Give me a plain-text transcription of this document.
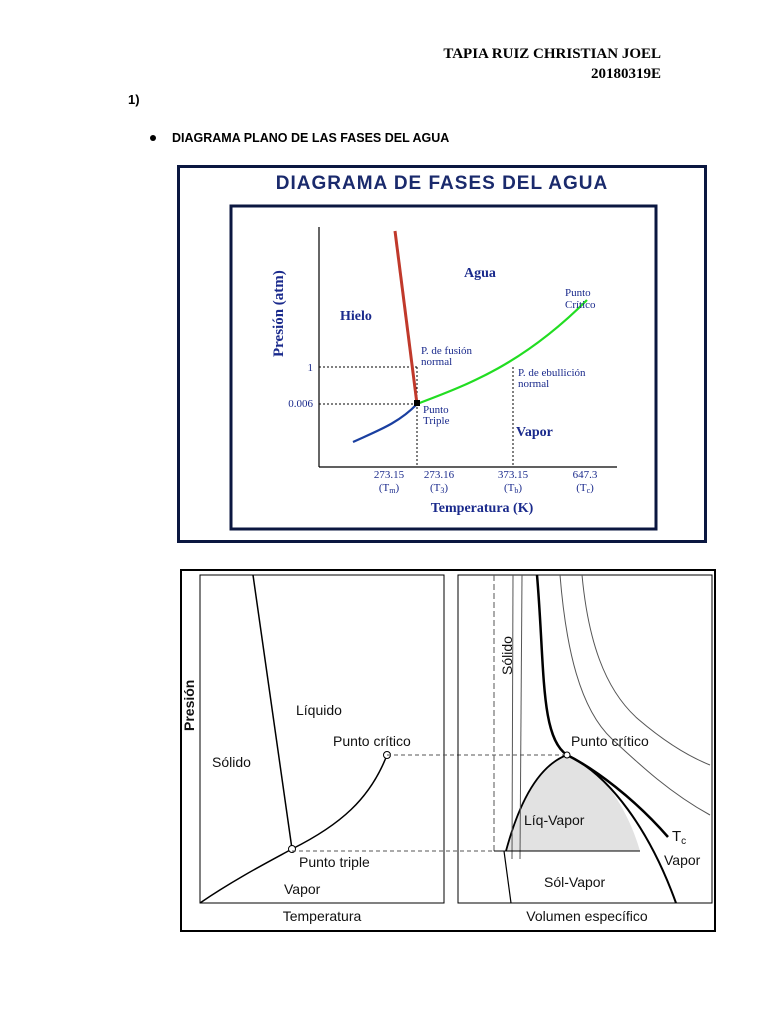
TAPIA RUIZ CHRISTIAN JOEL
20180319E
1)
DIAGRAMA PLANO DE LAS FASES DEL AGUA
DIAGRAMA DE FASES DEL AGUA
Presión (atm)
1
0.006
Agua
Hielo
Vapor
Punto
Crítico
P. de fusión
normal
P. de ebullición
normal
Punto
Triple
273.15
(Tm)
273.16
(T3)
373.15
(Tb)
647.3
(Tc)
Temperatura (K)
Presión	Líquido
Sólido
Vapor
Punto crítico
Punto triple
Temperatura
Sólido
Punto crítico
Líq-Vapor
Sól-Vapor
Vapor
$T_c$
Volumen específico
